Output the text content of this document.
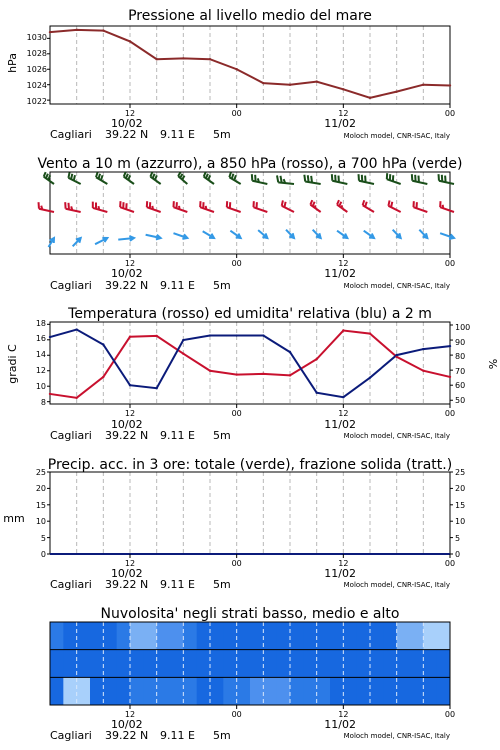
Pressione al livello medio del mare
hPa
1022
1024
1026
1028
1030
12	00	12	00
10/02	11/02
Cagliari 39.22 N 9.11 E 5m	Moloch model, CNR-ISAC, Italy
Vento a 10 m (azzurro), a 850 hPa (rosso), a 700 hPa (verde)
12	00	12	00
10/02	11/02
Cagliari 39.22 N 9.11 E 5m	Moloch model, CNR-ISAC, Italy
Temperatura (rosso) ed umidita' relativa (blu) a 2 m
gradi C	%
8
10
12
14
16
18
50
60
70
80
90
100
12	00	12	00
10/02	11/02
Cagliari 39.22 N 9.11 E 5m	Moloch model, CNR-ISAC, Italy
Precip. acc. in 3 ore: totale (verde), frazione solida (tratt.)
mm
0
5
10
15
20
25
0
5
10
15
20
25
12	00	12	00
10/02	11/02
Cagliari 39.22 N 9.11 E 5m	Moloch model, CNR-ISAC, Italy
Nuvolosita' negli strati basso, medio e alto
12	00	12	00
10/02	11/02
Cagliari 39.22 N 9.11 E 5m	Moloch model, CNR-ISAC, Italy
